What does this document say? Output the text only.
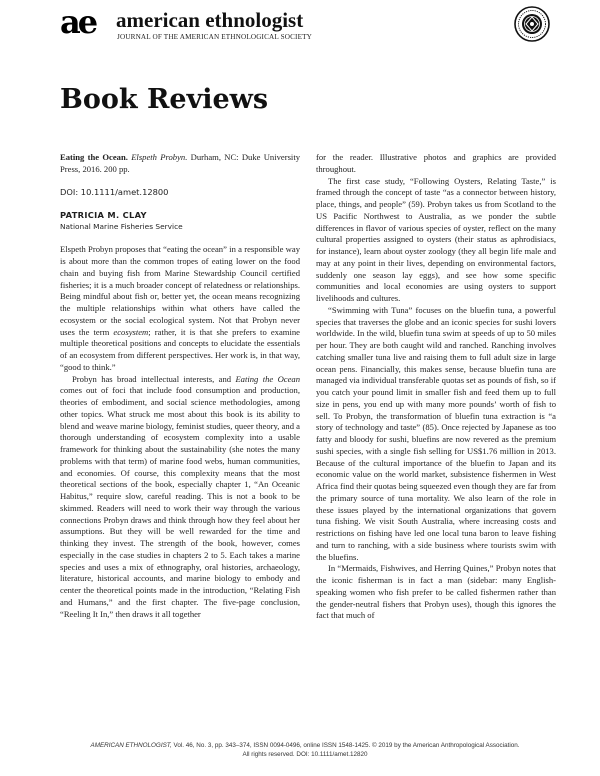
ae american ethnologist
JOURNAL OF THE AMERICAN ETHNOLOGICAL SOCIETY
Book Reviews

Eating the Ocean. Elspeth Probyn. Durham, NC: Duke University Press, 2016. 200 pp.

DOI: 10.1111/amet.12800

PATRICIA M. CLAY

National Marine Fisheries Service

Elspeth Probyn proposes that “eating the ocean” in a responsible way is about more than the common tropes of eating lower on the food chain and buying fish from Marine Stewardship Council certified fisheries; it is a much broader concept of relatedness or relationships. Being mindful about fish or, better yet, the ocean means recognizing the multiple relationships within what others have called the ecosystem or the social ecological system. Not that Probyn never uses the term ecosystem; rather, it is that she prefers to examine multiple theoretical positions and concepts to elucidate the essentials of an ecosystem from different perspectives. Her work is, in that way, “good to think.”

Probyn has broad intellectual interests, and Eating the Ocean comes out of foci that include food consumption and production, theories of embodiment, and social science methodologies, among other topics. What struck me most about this book is its ability to blend and weave marine biology, feminist studies, queer theory, and a thorough understanding of ecosystem complexity into a usable framework for thinking about the sustainability (she notes the many problems with that term) of marine food webs, human communities, and economies. Of course, this complexity means that the most theoretical sections of the book, especially chapter 1, “An Oceanic Habitus,” require slow, careful reading. This is not a book to be skimmed. Readers will need to work their way through the various connections Probyn draws and think through how they feel about her assumptions. But they will be well rewarded for the time and thinking they invest. The strength of the book, however, comes especially in the case studies in chapters 2 to 5. Each takes a marine species and uses a mix of ethnography, oral histories, archaeology, literature, historical accounts, and marine biology to embody and center the theoretical points made in the introduction, “Relating Fish and Humans,” and the first chapter. The five-page conclusion, “Reeling It In,” then draws it all together

for the reader. Illustrative photos and graphics are provided throughout.

The first case study, “Following Oysters, Relating Taste,” is framed through the concept of taste “as a connector between history, place, things, and people” (59). Probyn takes us from Scotland to the US Pacific Northwest to Australia, as we ponder the subtle differences in flavor of various species of oyster, reflect on the many cultural properties assigned to oysters (their status as aphrodisiacs, for instance), learn about oyster zoology (they all begin life male and may at any point in their lives, depending on environmental factors, suddenly one season lay eggs), and see how some specific communities and local economies are using oysters to support livelihoods and cultures.

“Swimming with Tuna” focuses on the bluefin tuna, a powerful species that traverses the globe and an iconic species for sushi lovers worldwide. In the wild, bluefin tuna swim at speeds of up to 50 miles per hour. They are both caught wild and ranched. Ranching involves catching smaller tuna live and raising them to full adult size in large ocean pens. Financially, this makes sense, because bluefin tuna are managed via individual transferable quotas set as pounds of fish, so if you catch your pound limit in smaller fish and feed them up to full size in pens, you end up with many more pounds’ worth of fish to sell. To Probyn, the transformation of bluefin tuna extraction is “a story of technology and taste” (85). Once rejected by Japanese as too fatty and bloody for sushi, bluefins are now revered as the premium sushi species, with a single fish selling for US$1.76 million in 2013. Because of the cultural importance of the bluefin to Japan and its economic value on the world market, subsistence fishermen in West Africa find their quotas being squeezed even though they are far from the primary source of tuna mortality. We also learn of the role in these issues played by the international organizations that govern tuna fishing. We visit South Australia, where increasing costs and restrictions on fishing have led one local tuna baron to leave fishing and turn to ranching, with a side business where tourists swim with the bluefins.

In “Mermaids, Fishwives, and Herring Quines,” Probyn notes that the iconic fisherman is in fact a man (sidebar: many English-speaking women who fish prefer to be called fishermen rather than the gender-neutral fishers that Probyn uses), though this ignores the fact that much of

AMERICAN ETHNOLOGIST, Vol. 46, No. 3, pp. 343–374, ISSN 0094-0496, online ISSN 1548-1425. © 2019 by the American Anthropological Association.
All rights reserved. DOI: 10.1111/amet.12820
